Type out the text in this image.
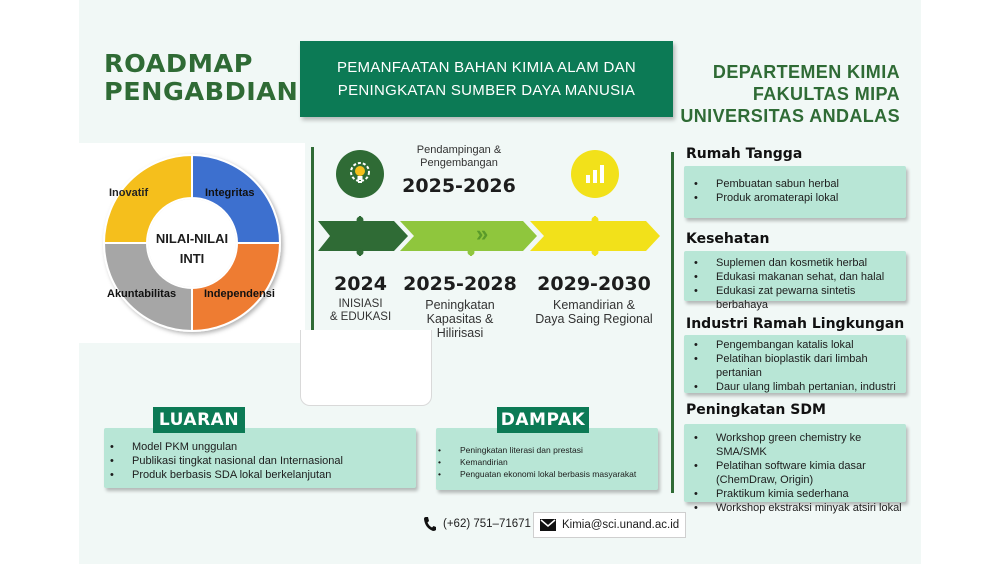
ROADMAP
PENGABDIAN
PEMANFAATAN BAHAN KIMIA ALAM DAN
PENINGKATAN SUMBER DAYA MANUSIA
DEPARTEMEN KIMIA
FAKULTAS MIPA
UNIVERSITAS ANDALAS
Inovatif	Integritas
Independensi
Akuntabilitas
NILAI-NILAI
INTI
»
Pendampingan &
Pengembangan
2025-2026
2024
INISIASI
& EDUKASI
2025-2028
Peningkatan
Kapasitas &
Hilirisasi
2029-2030
Kemandirian &
Daya Saing Regional
• Model PKM unggulan
• Publikasi tingkat nasional dan Internasional
• Produk berbasis SDA lokal berkelanjutan
LUARAN
• Peningkatan literasi dan prestasi
• Kemandirian
• Penguatan ekonomi lokal berbasis masyarakat
DAMPAK
Rumah Tangga
• Pembuatan sabun herbal
• Produk aromaterapi lokal
Kesehatan
• Suplemen dan kosmetik herbal
• Edukasi makanan sehat, dan halal
• Edukasi zat pewarna sintetis berbahaya
Industri Ramah Lingkungan
• Pengembangan katalis lokal
• Pelatihan bioplastik dari limbah pertanian
• Daur ulang limbah pertanian, industri
Peningkatan SDM
• Workshop green chemistry ke SMA/SMK
• Pelatihan software kimia dasar (ChemDraw, Origin)
• Praktikum kimia sederhana
• Workshop ekstraksi minyak atsiri lokal
(+62) 751–71671	Kimia@sci.unand.ac.id
